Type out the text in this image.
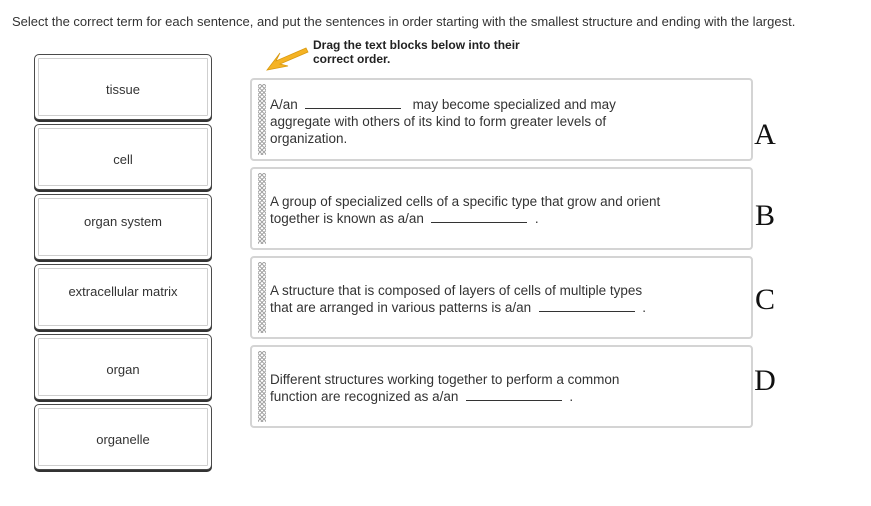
Select the correct term for each sentence, and put the sentences in order starting with the smallest structure and ending with the largest.
Drag the text blocks below into their
correct order.
tissue
cell
organ system
extracellular matrix
organ
organelle
A/an	may become specialized and may
aggregate with others of its kind to form greater levels of
organization.	A
A group of specialized cells of a specific type that grow and orient
together is known as a/an	.	B
A structure that is composed of layers of cells of multiple types
that are arranged in various patterns is a/an	.	C
Different structures working together to perform a common
function are recognized as a/an	.	D
